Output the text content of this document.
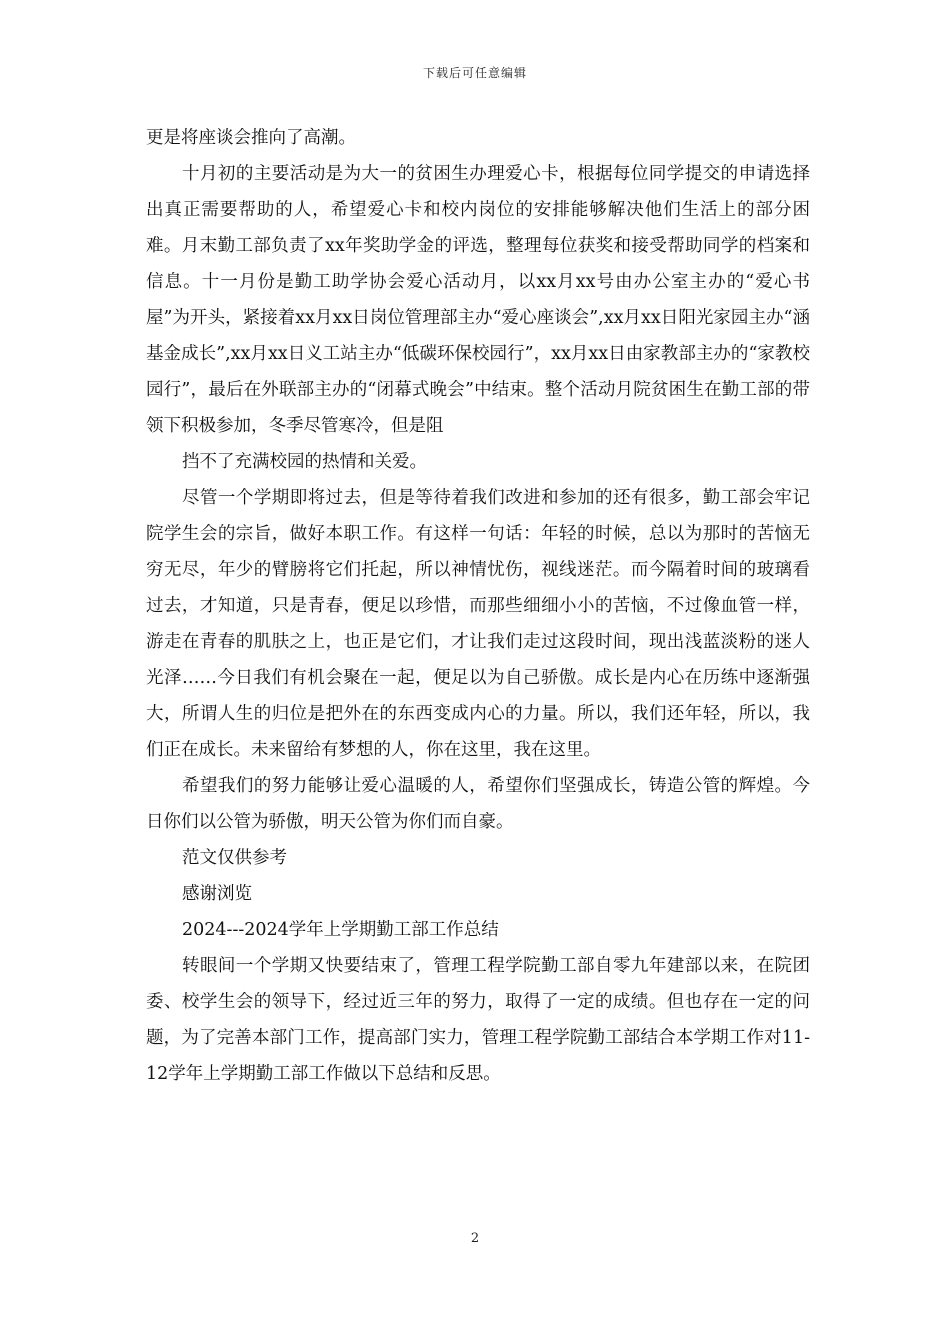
下载后可任意编辑

更是将座谈会推向了高潮。

十月初的主要活动是为大一的贫困生办理爱心卡，根据每位同学提交的申请选择出真正需要帮助的人，希望爱心卡和校内岗位的安排能够解决他们生活上的部分困难。月末勤工部负责了xx年奖助学金的评选，整理每位获奖和接受帮助同学的档案和信息。十一月份是勤工助学协会爱心活动月，以xx月xx号由办公室主办的“爱心书屋”为开头，紧接着xx月xx日岗位管理部主办“爱心座谈会”,xx月xx日阳光家园主办“涵基金成长”,xx月xx日义工站主办“低碳环保校园行”，xx月xx日由家教部主办的“家教校园行”，最后在外联部主办的“闭幕式晚会”中结束。整个活动月院贫困生在勤工部的带领下积极参加，冬季尽管寒冷，但是阻

挡不了充满校园的热情和关爱。

尽管一个学期即将过去，但是等待着我们改进和参加的还有很多，勤工部会牢记院学生会的宗旨，做好本职工作。有这样一句话：年轻的时候，总以为那时的苦恼无穷无尽，年少的臂膀将它们托起，所以神情忧伤，视线迷茫。而今隔着时间的玻璃看过去，才知道，只是青春，便足以珍惜，而那些细细小小的苦恼，不过像血管一样，游走在青春的肌肤之上，也正是它们，才让我们走过这段时间，现出浅蓝淡粉的迷人光泽……今日我们有机会聚在一起，便足以为自己骄傲。成长是内心在历练中逐渐强大，所谓人生的归位是把外在的东西变成内心的力量。所以，我们还年轻，所以，我们正在成长。未来留给有梦想的人，你在这里，我在这里。

希望我们的努力能够让爱心温暖的人，希望你们坚强成长，铸造公管的辉煌。今日你们以公管为骄傲，明天公管为你们而自豪。

范文仅供参考

感谢浏览

2024---2024学年上学期勤工部工作总结

转眼间一个学期又快要结束了，管理工程学院勤工部自零九年建部以来，在院团委、校学生会的领导下，经过近三年的努力，取得了一定的成绩。但也存在一定的问题，为了完善本部门工作，提高部门实力，管理工程学院勤工部结合本学期工作对11-12学年上学期勤工部工作做以下总结和反思。

2
